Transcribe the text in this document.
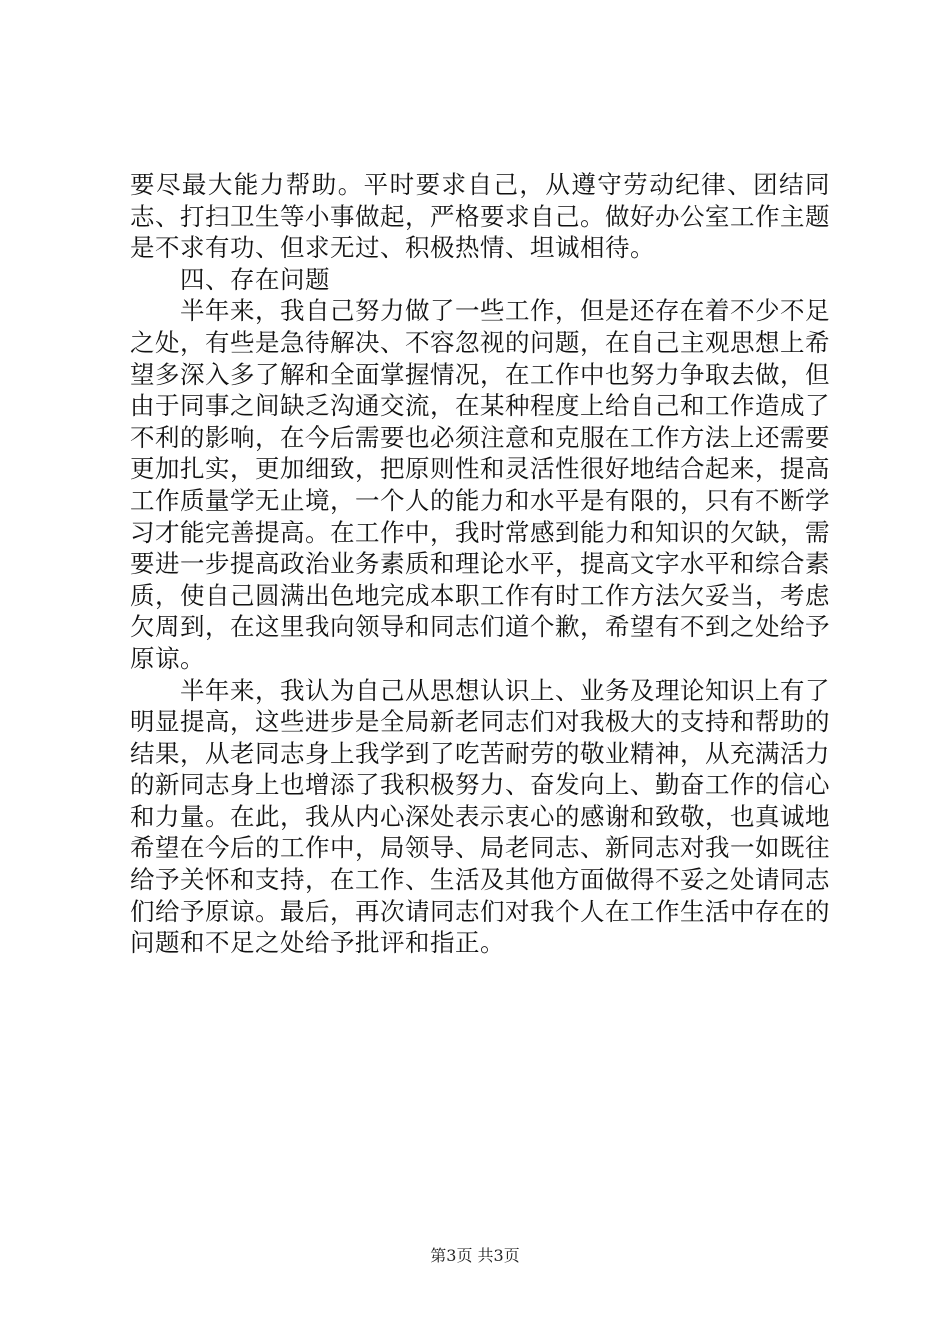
要尽最大能力帮助。平时要求自己，从遵守劳动纪律、团结同志、打扫卫生等小事做起，严格要求自己。做好办公室工作主题是不求有功、但求无过、积极热情、坦诚相待。

四、存在问题

半年来，我自己努力做了一些工作，但是还存在着不少不足之处，有些是急待解决、不容忽视的问题，在自己主观思想上希望多深入多了解和全面掌握情况，在工作中也努力争取去做，但由于同事之间缺乏沟通交流，在某种程度上给自己和工作造成了不利的影响，在今后需要也必须注意和克服在工作方法上还需要更加扎实，更加细致，把原则性和灵活性很好地结合起来，提高工作质量学无止境，一个人的能力和水平是有限的，只有不断学习才能完善提高。在工作中，我时常感到能力和知识的欠缺，需要进一步提高政治业务素质和理论水平，提高文字水平和综合素质，使自己圆满出色地完成本职工作有时工作方法欠妥当，考虑欠周到，在这里我向领导和同志们道个歉，希望有不到之处给予原谅。

半年来，我认为自己从思想认识上、业务及理论知识上有了明显提高，这些进步是全局新老同志们对我极大的支持和帮助的结果，从老同志身上我学到了吃苦耐劳的敬业精神，从充满活力的新同志身上也增添了我积极努力、奋发向上、勤奋工作的信心和力量。在此，我从内心深处表示衷心的感谢和致敬，也真诚地希望在今后的工作中，局领导、局老同志、新同志对我一如既往给予关怀和支持，在工作、生活及其他方面做得不妥之处请同志们给予原谅。最后，再次请同志们对我个人在工作生活中存在的问题和不足之处给予批评和指正。

第3页 共3页
